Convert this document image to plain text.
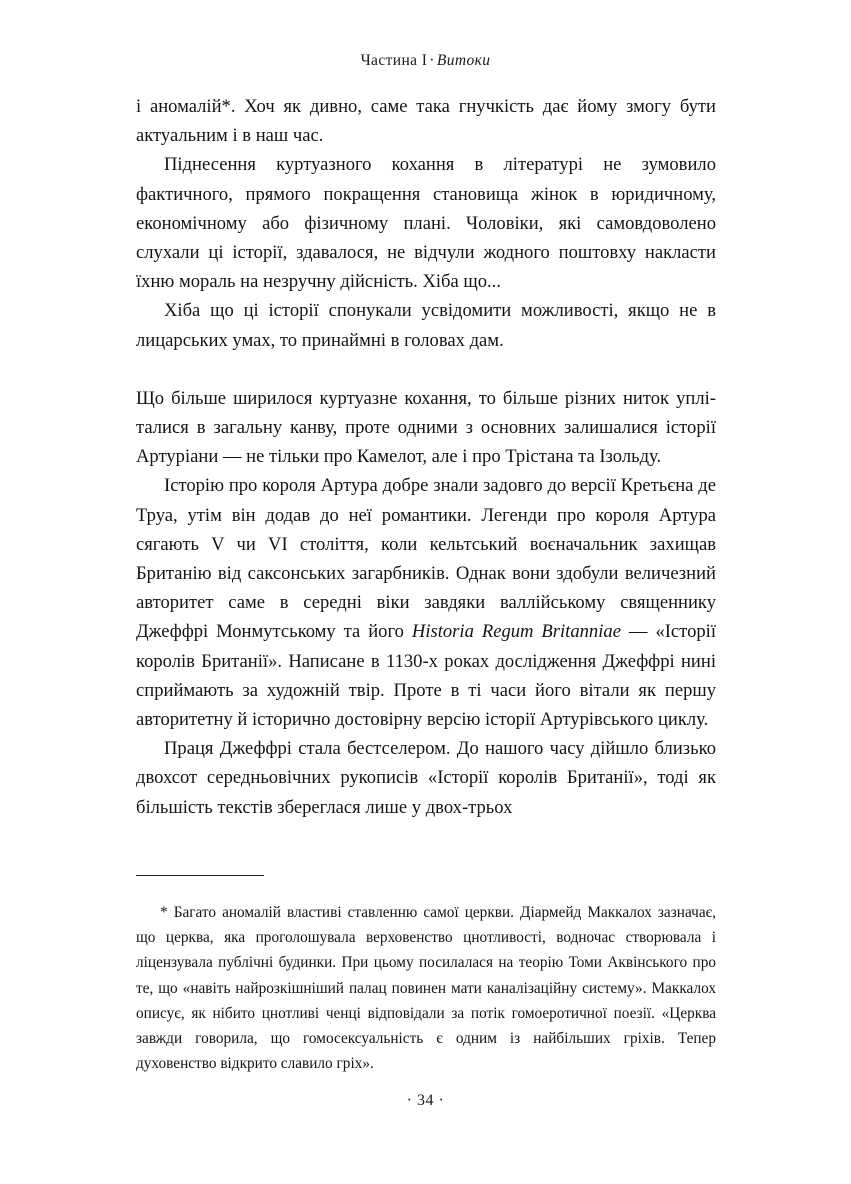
Частина I · Витоки

і аномалій*. Хоч як дивно, саме така гнучкість дає йому змогу бути актуальним і в наш час.

Піднесення куртуазного кохання в літературі не зумовило фактичного, прямого покращення становища жінок в юридичному, економічному або фізичному плані. Чоловіки, які самовдоволено слухали ці історії, здавалося, не відчули жодного поштовху накласти їхню мораль на незручну дійсність. Хіба що...

Хіба що ці історії спонукали усвідомити можливості, якщо не в лицарських умах, то принаймні в головах дам.

Що більше ширилося куртуазне кохання, то більше різних ниток упліталися в загальну канву, проте одними з основних залишалися історії Артуріани — не тільки про Камелот, але і про Трістана та Ізольду.

Історію про короля Артура добре знали задовго до версії Кретьєна де Труа, утім він додав до неї романтики. Легенди про короля Артура сягають V чи VI століття, коли кельтський воєначальник захищав Британію від саксонських загарбників. Однак вони здобули величезний авторитет саме в середні віки завдяки валлійському священнику Джеффрі Монмутському та його Historia Regum Britanniae — «Історії королів Британії». Написане в 1130-х роках дослідження Джеффрі нині сприймають за художній твір. Проте в ті часи його вітали як першу авторитетну й історично достовірну версію історії Артурівського циклу.

Праця Джеффрі стала бестселером. До нашого часу дійшло близько двохсот середньовічних рукописів «Історії королів Британії», тоді як більшість текстів збереглася лише у двох-трьох

* Багато аномалій властиві ставленню самої церкви. Діармейд Маккалох зазначає, що церква, яка проголошувала верховенство цнотливості, водночас створювала і ліцензувала публічні будинки. При цьому посилалася на теорію Томи Аквінського про те, що «навіть найрозкішніший палац повинен мати каналізаційну систему». Маккалох описує, як нібито цнотливі ченці відповідали за потік гомоеротичної поезії. «Церква завжди говорила, що гомосексуальність є одним із найбільших гріхів. Тепер духовенство відкрито славило гріх».

· 34 ·
